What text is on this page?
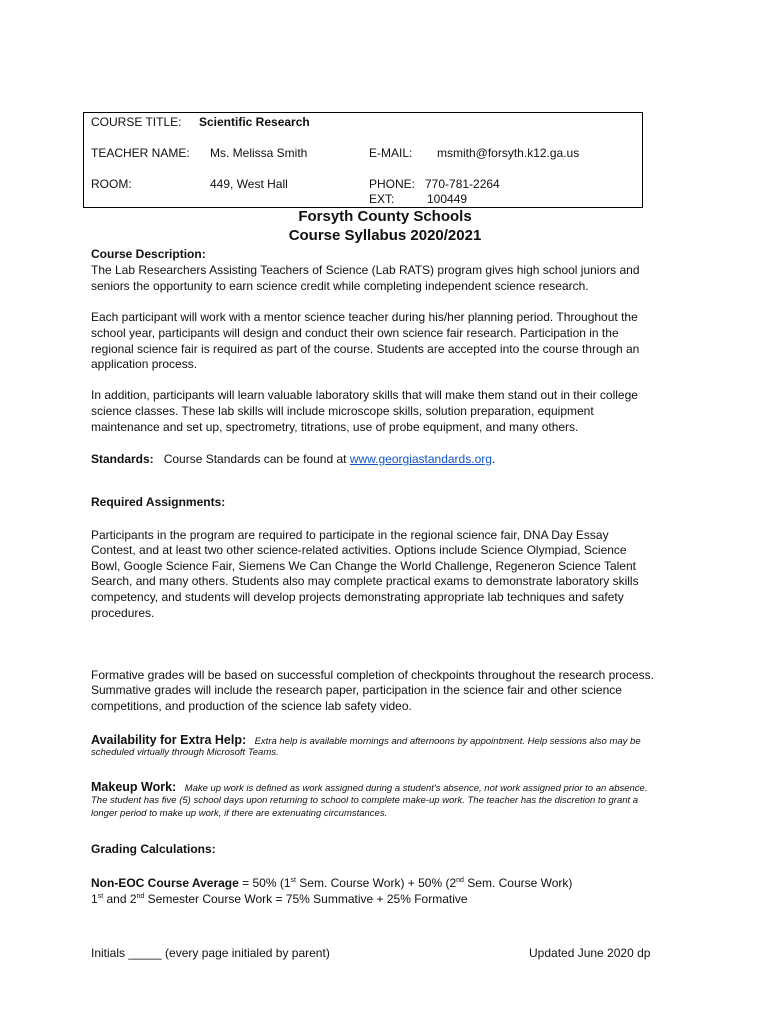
COURSE TITLE: Scientific Research
TEACHER NAME: Ms. Melissa Smith	E-MAIL: msmith@forsyth.k12.ga.us
ROOM:	449, West Hall	PHONE: 770-781-2264
EXT:	100449
Forsyth County Schools
Course Syllabus 2020/2021
Course Description:
The Lab Researchers Assisting Teachers of Science (Lab RATS) program gives high school juniors and
seniors the opportunity to earn science credit while completing independent science research.
Each participant will work with a mentor science teacher during his/her planning period. Throughout the
school year, participants will design and conduct their own science fair research. Participation in the
regional science fair is required as part of the course. Students are accepted into the course through an
application process.
In addition, participants will learn valuable laboratory skills that will make them stand out in their college
science classes. These lab skills will include microscope skills, solution preparation, equipment
maintenance and set up, spectrometry, titrations, use of probe equipment, and many others.
Standards: Course Standards can be found at www.georgiastandards.org.
Required Assignments:
Participants in the program are required to participate in the regional science fair, DNA Day Essay
Contest, and at least two other science-related activities. Options include Science Olympiad, Science
Bowl, Google Science Fair, Siemens We Can Change the World Challenge, Regeneron Science Talent
Search, and many others. Students also may complete practical exams to demonstrate laboratory skills
competency, and students will develop projects demonstrating appropriate lab techniques and safety
procedures.
Formative grades will be based on successful completion of checkpoints throughout the research process.
Summative grades will include the research paper, participation in the science fair and other science
competitions, and production of the science lab safety video.
Availability for Extra Help: Extra help is available mornings and afternoons by appointment. Help sessions also may be
scheduled virtually through Microsoft Teams.
Makeup Work: Make up work is defined as work assigned during a student's absence, not work assigned prior to an absence.
The student has five (5) school days upon returning to school to complete make-up work. The teacher has the discretion to grant a
longer period to make up work, if there are extenuating circumstances.
Grading Calculations:
Non-EOC Course Average = 50% (1st Sem. Course Work) + 50% (2nd Sem. Course Work)
1st and 2nd Semester Course Work = 75% Summative + 25% Formative
Initials _____ (every page initialed by parent)	Updated June 2020 dp
